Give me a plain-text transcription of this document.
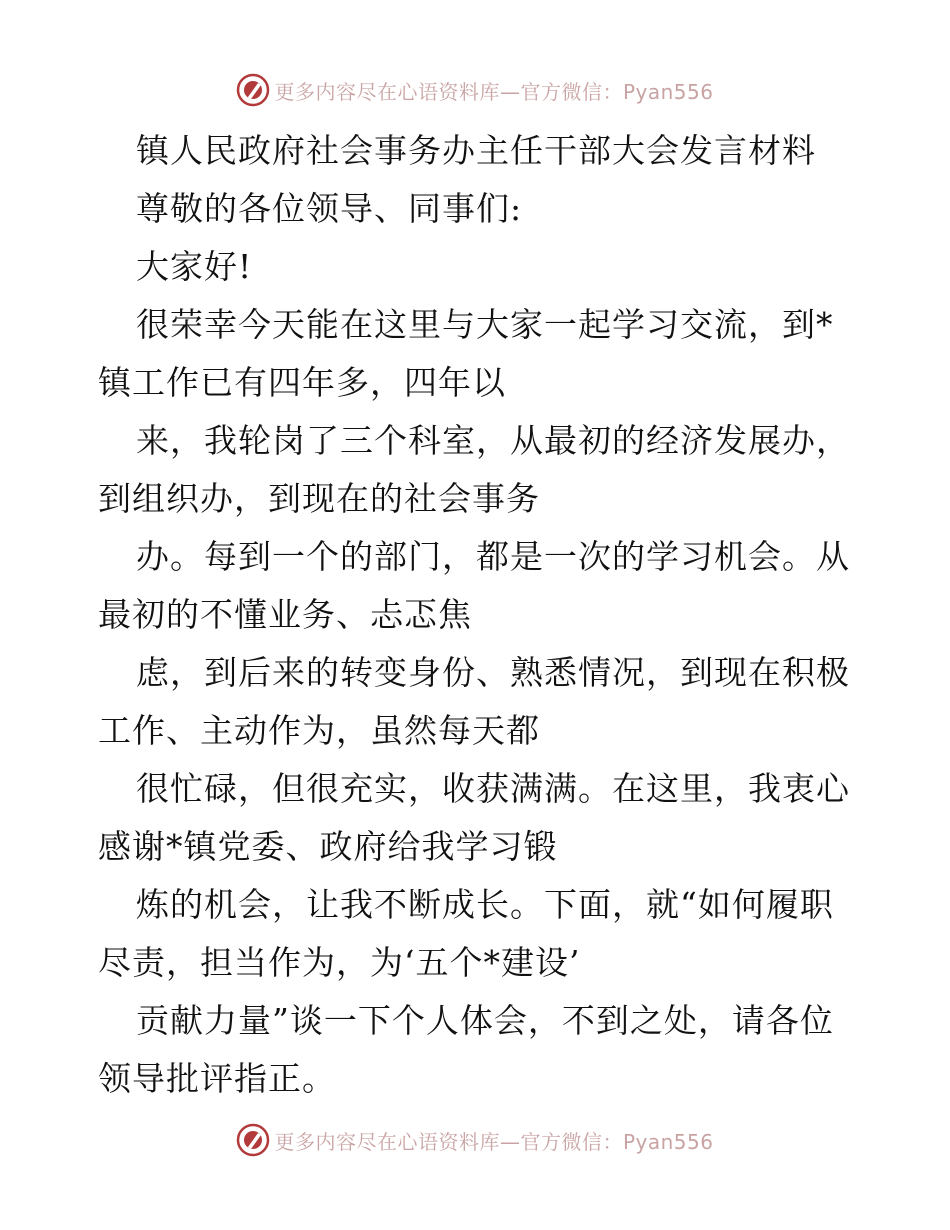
更多内容尽在心语资料库—官方微信：Pyan556
镇人民政府社会事务办主任干部大会发言材料
尊敬的各位领导、同事们:
大家好!
很荣幸今天能在这里与大家一起学习交流，到*
镇工作已有四年多，四年以
来，我轮岗了三个科室，从最初的经济发展办，
到组织办，到现在的社会事务
办。每到一个的部门，都是一次的学习机会。从
最初的不懂业务、忐忑焦
虑，到后来的转变身份、熟悉情况，到现在积极
工作、主动作为，虽然每天都
很忙碌，但很充实，收获满满。在这里，我衷心
感谢*镇党委、政府给我学习锻
炼的机会，让我不断成长。下面，就“如何履职
尽责，担当作为，为‘五个*建设’
贡献力量”谈一下个人体会，不到之处，请各位
领导批评指正。
更多内容尽在心语资料库—官方微信：Pyan556
